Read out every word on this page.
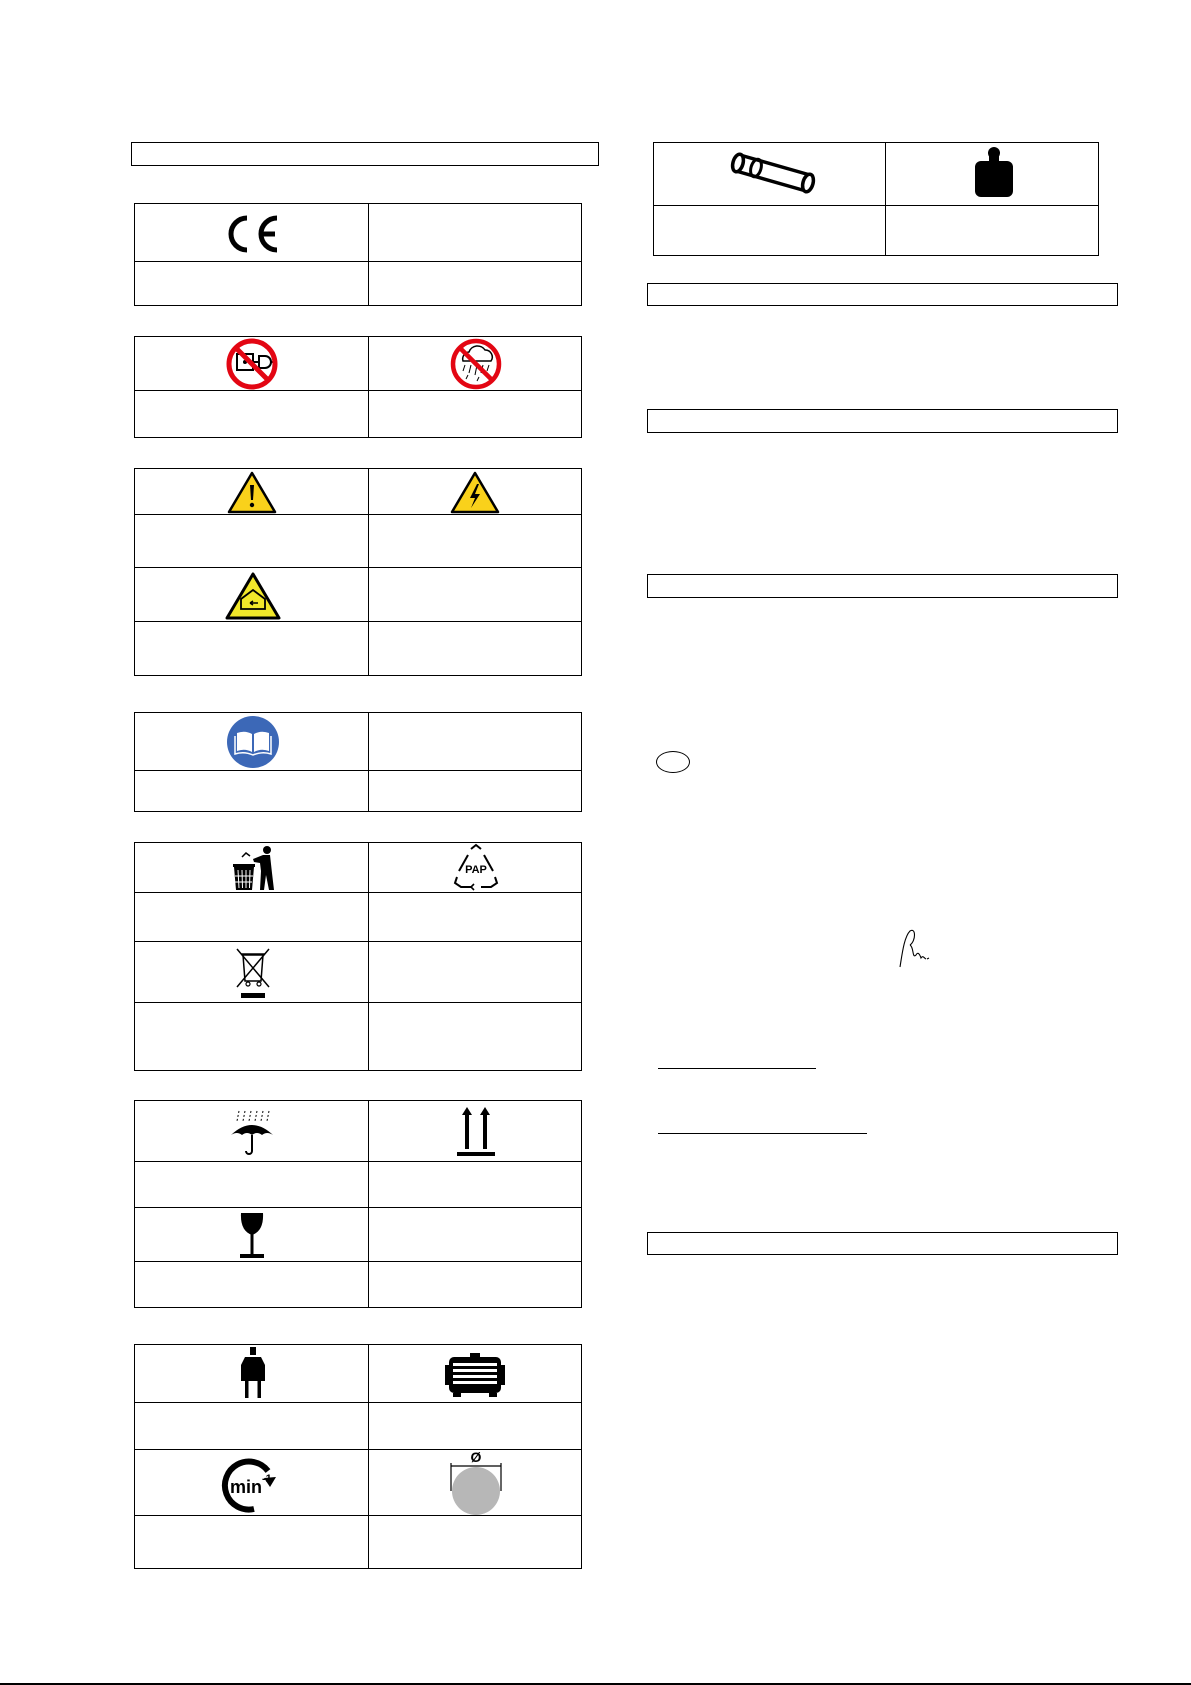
PAP
min -1
Ø
